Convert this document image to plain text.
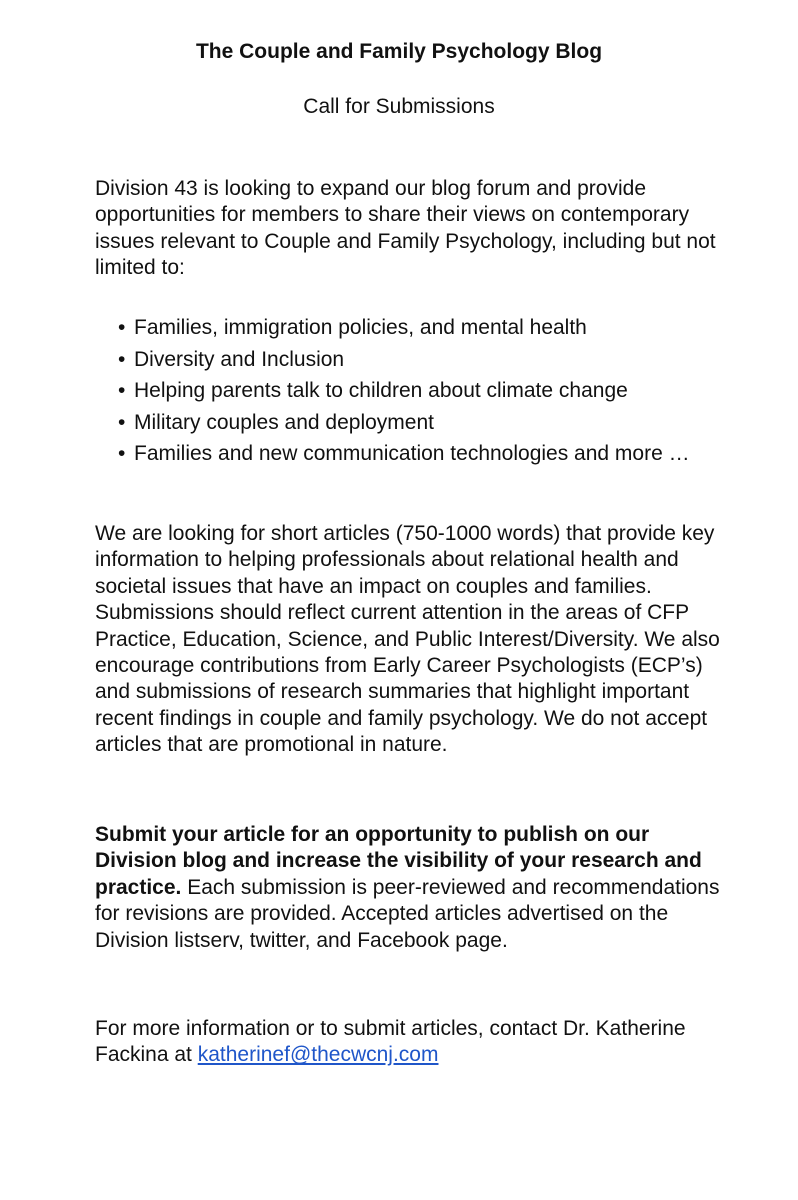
The Couple and Family Psychology Blog
Call for Submissions

Division 43 is looking to expand our blog forum and provide opportunities for members to share their views on contemporary issues relevant to Couple and Family Psychology, including but not limited to:

• Families, immigration policies, and mental health
• Diversity and Inclusion
• Helping parents talk to children about climate change
• Military couples and deployment
• Families and new communication technologies and more …

We are looking for short articles (750-1000 words) that provide key information to helping professionals about relational health and societal issues that have an impact on couples and families. Submissions should reflect current attention in the areas of CFP Practice, Education, Science, and Public Interest/Diversity. We also encourage contributions from Early Career Psychologists (ECP’s) and submissions of research summaries that highlight important recent findings in couple and family psychology. We do not accept articles that are promotional in nature.

Submit your article for an opportunity to publish on our Division blog and increase the visibility of your research and practice. Each submission is peer-reviewed and recommendations for revisions are provided. Accepted articles advertised on the Division listserv, twitter, and Facebook page.

For more information or to submit articles, contact Dr. Katherine Fackina at katherinef@thecwcnj.com
